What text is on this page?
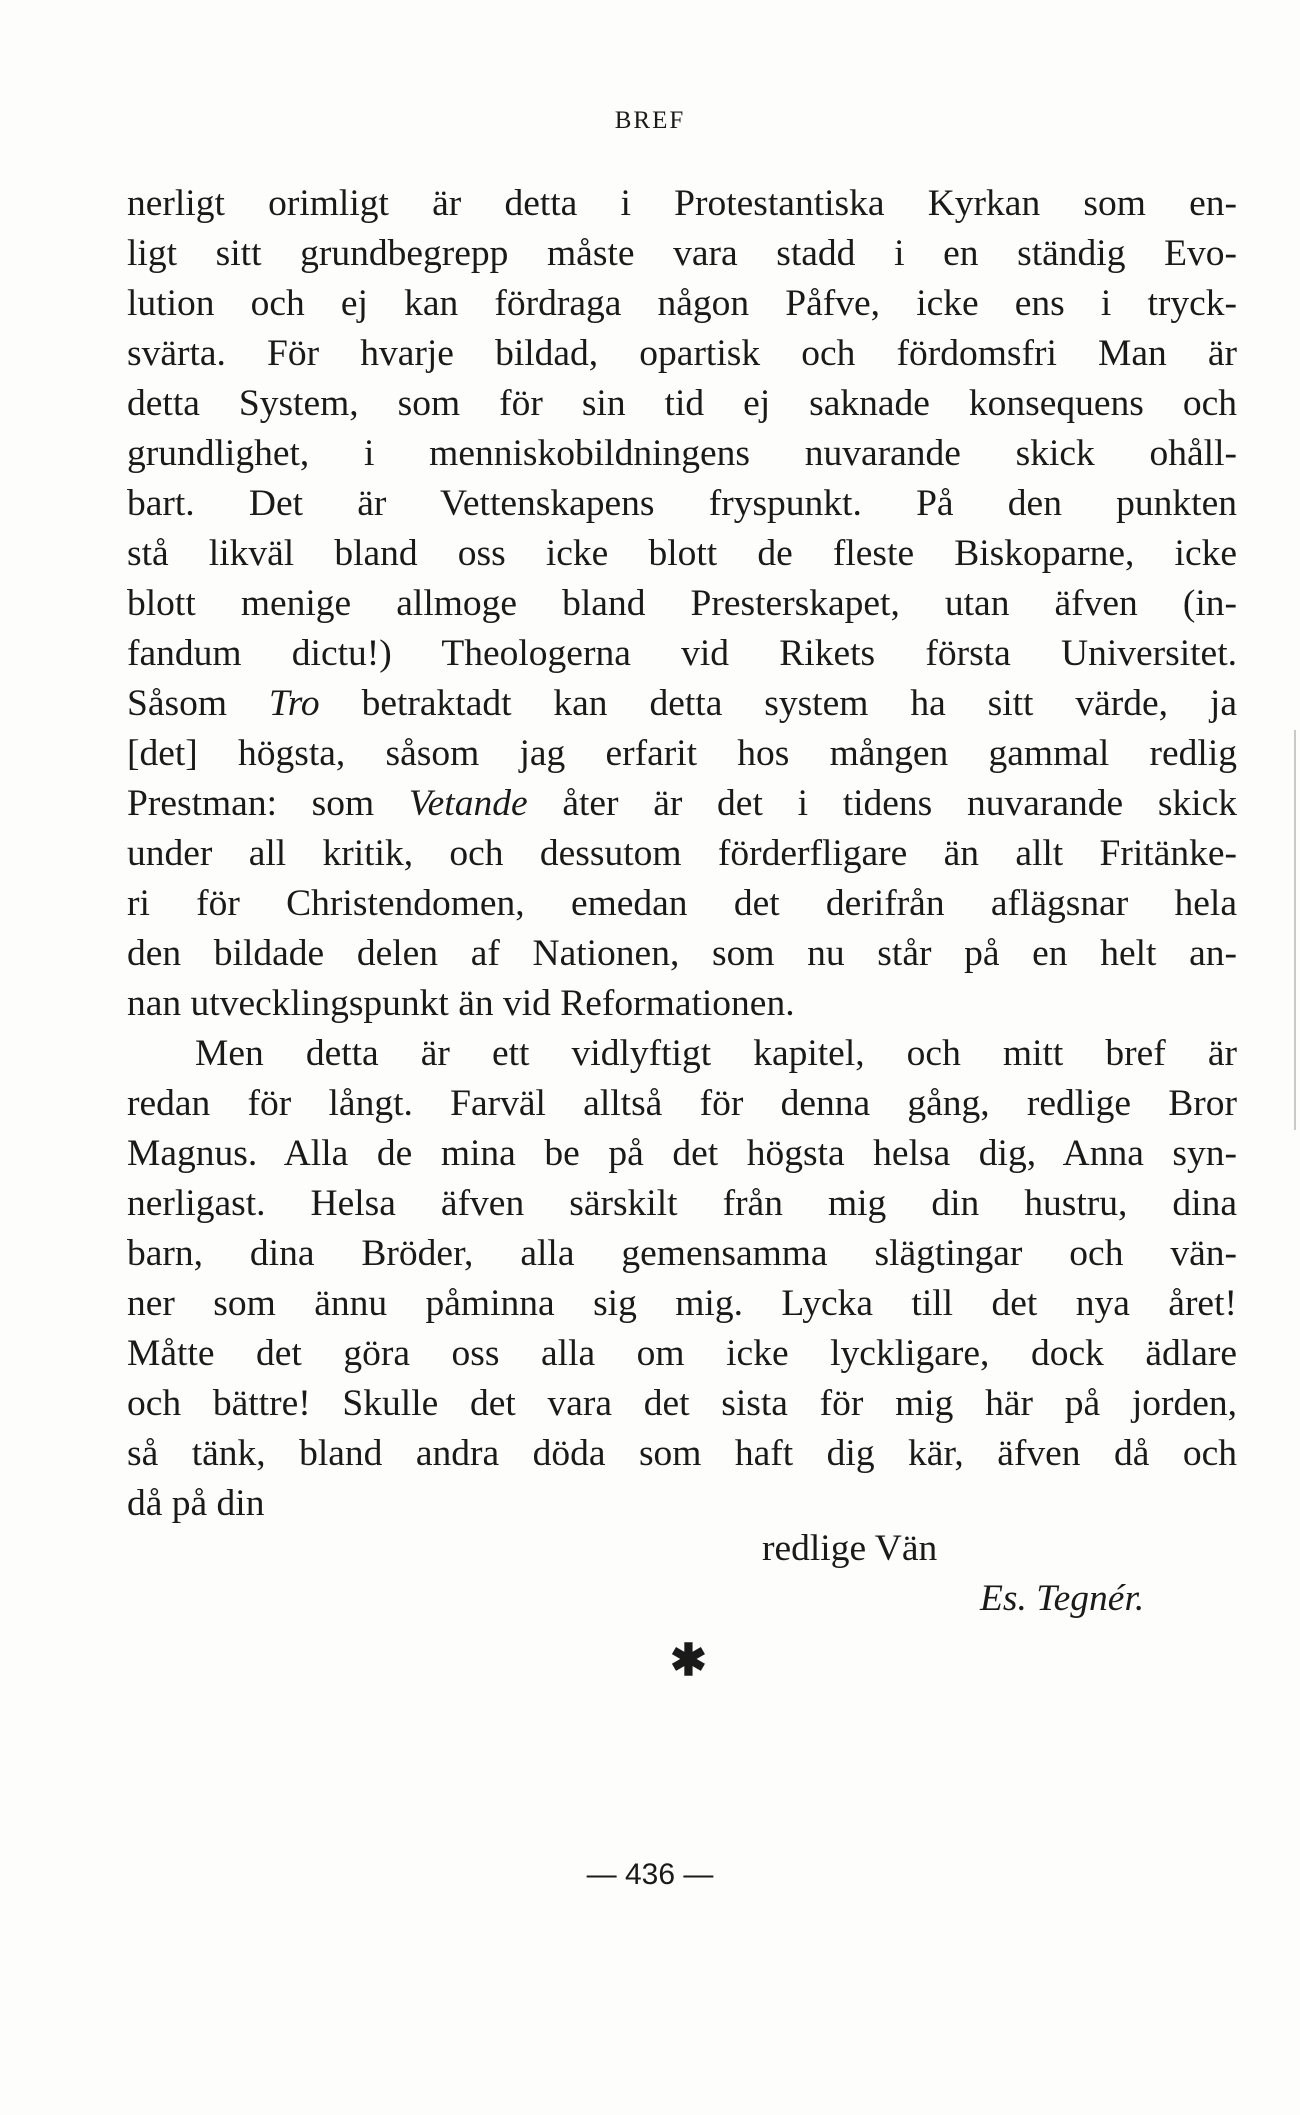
BREF
nerligt orimligt är detta i Protestantiska Kyrkan som en-
ligt sitt grundbegrepp måste vara stadd i en ständig Evo-
lution och ej kan fördraga någon Påfve, icke ens i tryck-
svärta. För hvarje bildad, opartisk och fördomsfri Man är
detta System, som för sin tid ej saknade konsequens och
grundlighet, i menniskobildningens nuvarande skick ohåll-
bart. Det är Vettenskapens fryspunkt. På den punkten
stå likväl bland oss icke blott de fleste Biskoparne, icke
blott menige allmoge bland Presterskapet, utan äfven (in-
fandum dictu!) Theologerna vid Rikets första Universitet.
Såsom Tro betraktadt kan detta system ha sitt värde, ja
[det] högsta, såsom jag erfarit hos mången gammal redlig
Prestman: som Vetande åter är det i tidens nuvarande skick
under all kritik, och dessutom förderfligare än allt Fritänke-
ri för Christendomen, emedan det derifrån aflägsnar hela
den bildade delen af Nationen, som nu står på en helt an-
nan utvecklingspunkt än vid Reformationen.
Men detta är ett vidlyftigt kapitel, och mitt bref är
redan för långt. Farväl alltså för denna gång, redlige Bror
Magnus. Alla de mina be på det högsta helsa dig, Anna syn-
nerligast. Helsa äfven särskilt från mig din hustru, dina
barn, dina Bröder, alla gemensamma slägtingar och vän-
ner som ännu påminna sig mig. Lycka till det nya året!
Måtte det göra oss alla om icke lyckligare, dock ädlare
och bättre! Skulle det vara det sista för mig här på jorden,
så tänk, bland andra döda som haft dig kär, äfven då och
då på din
redlige Vän
Es. Tegnér.
✱
— 436 —
